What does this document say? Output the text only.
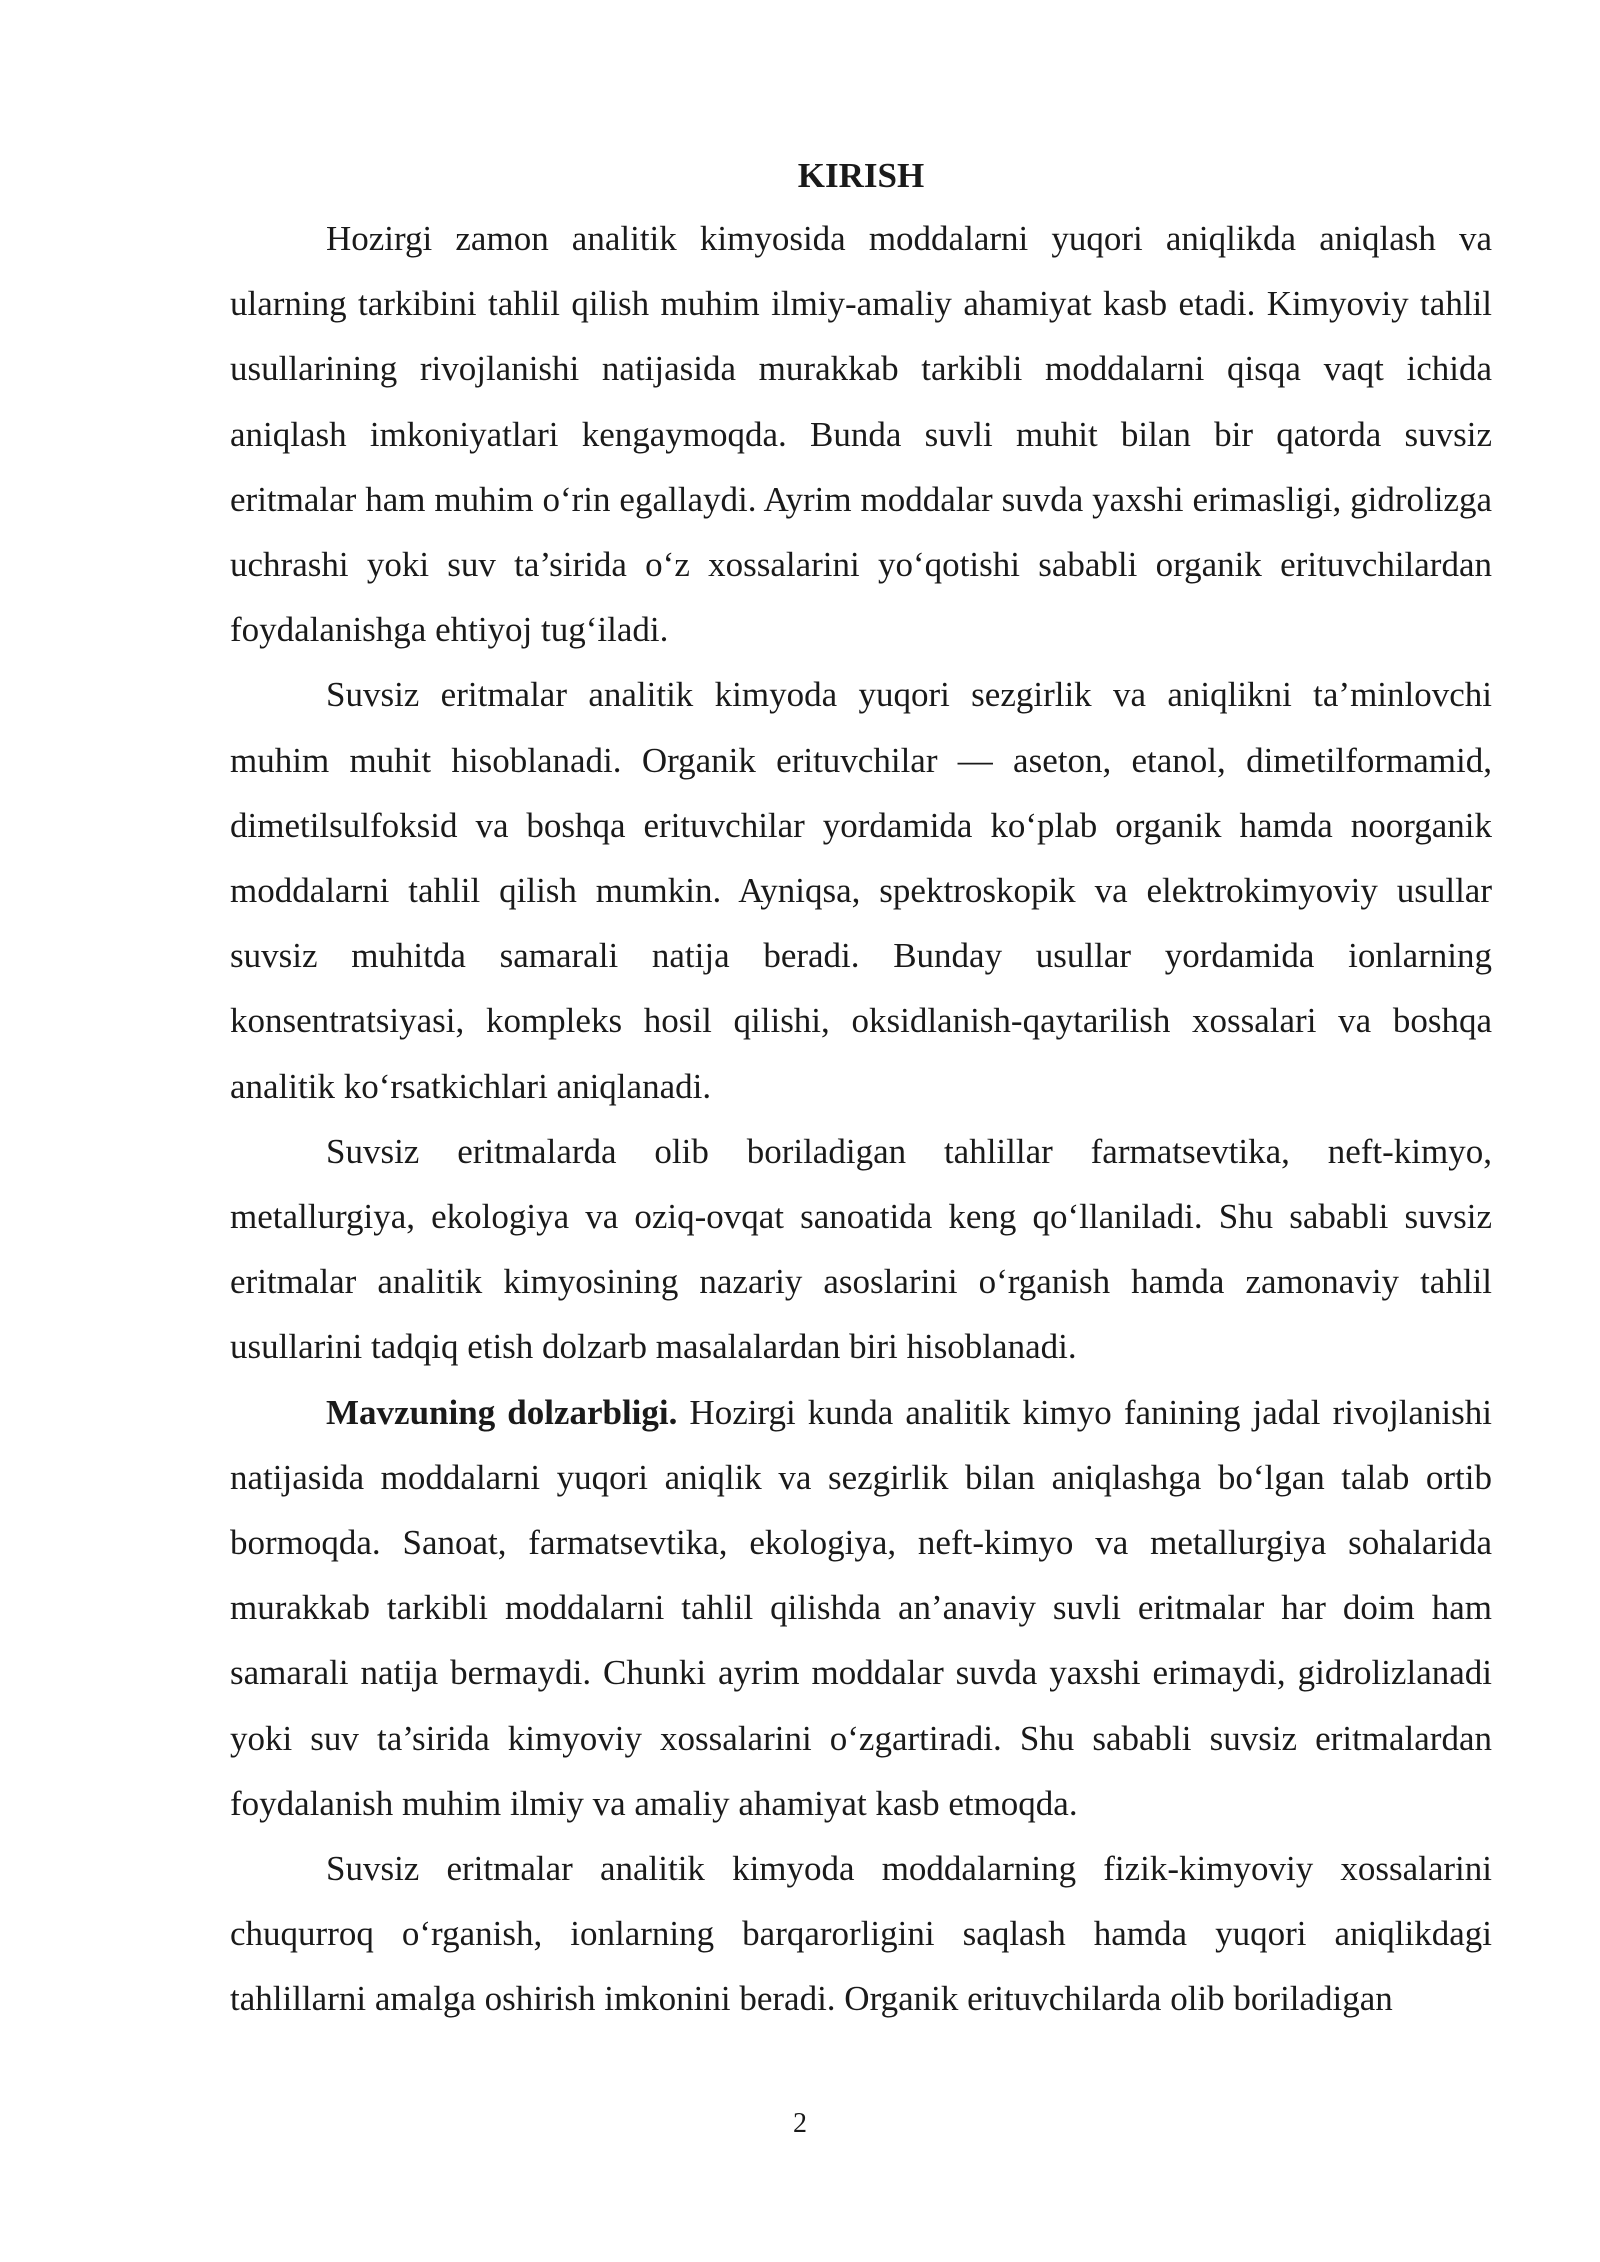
KIRISH

Hozirgi zamon analitik kimyosida moddalarni yuqori aniqlikda aniqlash va ularning tarkibini tahlil qilish muhim ilmiy-amaliy ahamiyat kasb etadi. Kimyoviy tahlil usullarining rivojlanishi natijasida murakkab tarkibli moddalarni qisqa vaqt ichida aniqlash imkoniyatlari kengaymoqda. Bunda suvli muhit bilan bir qatorda suvsiz eritmalar ham muhim o‘rin egallaydi. Ayrim moddalar suvda yaxshi erimasligi, gidrolizga uchrashi yoki suv ta’sirida o‘z xossalarini yo‘qotishi sababli organik erituvchilardan foydalanishga ehtiyoj tug‘iladi.

Suvsiz eritmalar analitik kimyoda yuqori sezgirlik va aniqlikni ta’minlovchi muhim muhit hisoblanadi. Organik erituvchilar — aseton, etanol, dimetilformamid, dimetilsulfoksid va boshqa erituvchilar yordamida ko‘plab organik hamda noorganik moddalarni tahlil qilish mumkin. Ayniqsa, spektroskopik va elektrokimyoviy usullar suvsiz muhitda samarali natija beradi. Bunday usullar yordamida ionlarning konsentratsiyasi, kompleks hosil qilishi, oksidlanish-qaytarilish xossalari va boshqa analitik ko‘rsatkichlari aniqlanadi.

Suvsiz eritmalarda olib boriladigan tahlillar farmatsevtika, neft-kimyo, metallurgiya, ekologiya va oziq-ovqat sanoatida keng qo‘llaniladi. Shu sababli suvsiz eritmalar analitik kimyosining nazariy asoslarini o‘rganish hamda zamonaviy tahlil usullarini tadqiq etish dolzarb masalalardan biri hisoblanadi.

Mavzuning dolzarbligi. Hozirgi kunda analitik kimyo fanining jadal rivojlanishi natijasida moddalarni yuqori aniqlik va sezgirlik bilan aniqlashga bo‘lgan talab ortib bormoqda. Sanoat, farmatsevtika, ekologiya, neft-kimyo va metallurgiya sohalarida murakkab tarkibli moddalarni tahlil qilishda an’anaviy suvli eritmalar har doim ham samarali natija bermaydi. Chunki ayrim moddalar suvda yaxshi erimaydi, gidrolizlanadi yoki suv ta’sirida kimyoviy xossalarini o‘zgartiradi. Shu sababli suvsiz eritmalardan foydalanish muhim ilmiy va amaliy ahamiyat kasb etmoqda.

Suvsiz eritmalar analitik kimyoda moddalarning fizik-kimyoviy xossalarini chuqurroq o‘rganish, ionlarning barqarorligini saqlash hamda yuqori aniqlikdagi tahlillarni amalga oshirish imkonini beradi. Organik erituvchilarda olib boriladigan

2
